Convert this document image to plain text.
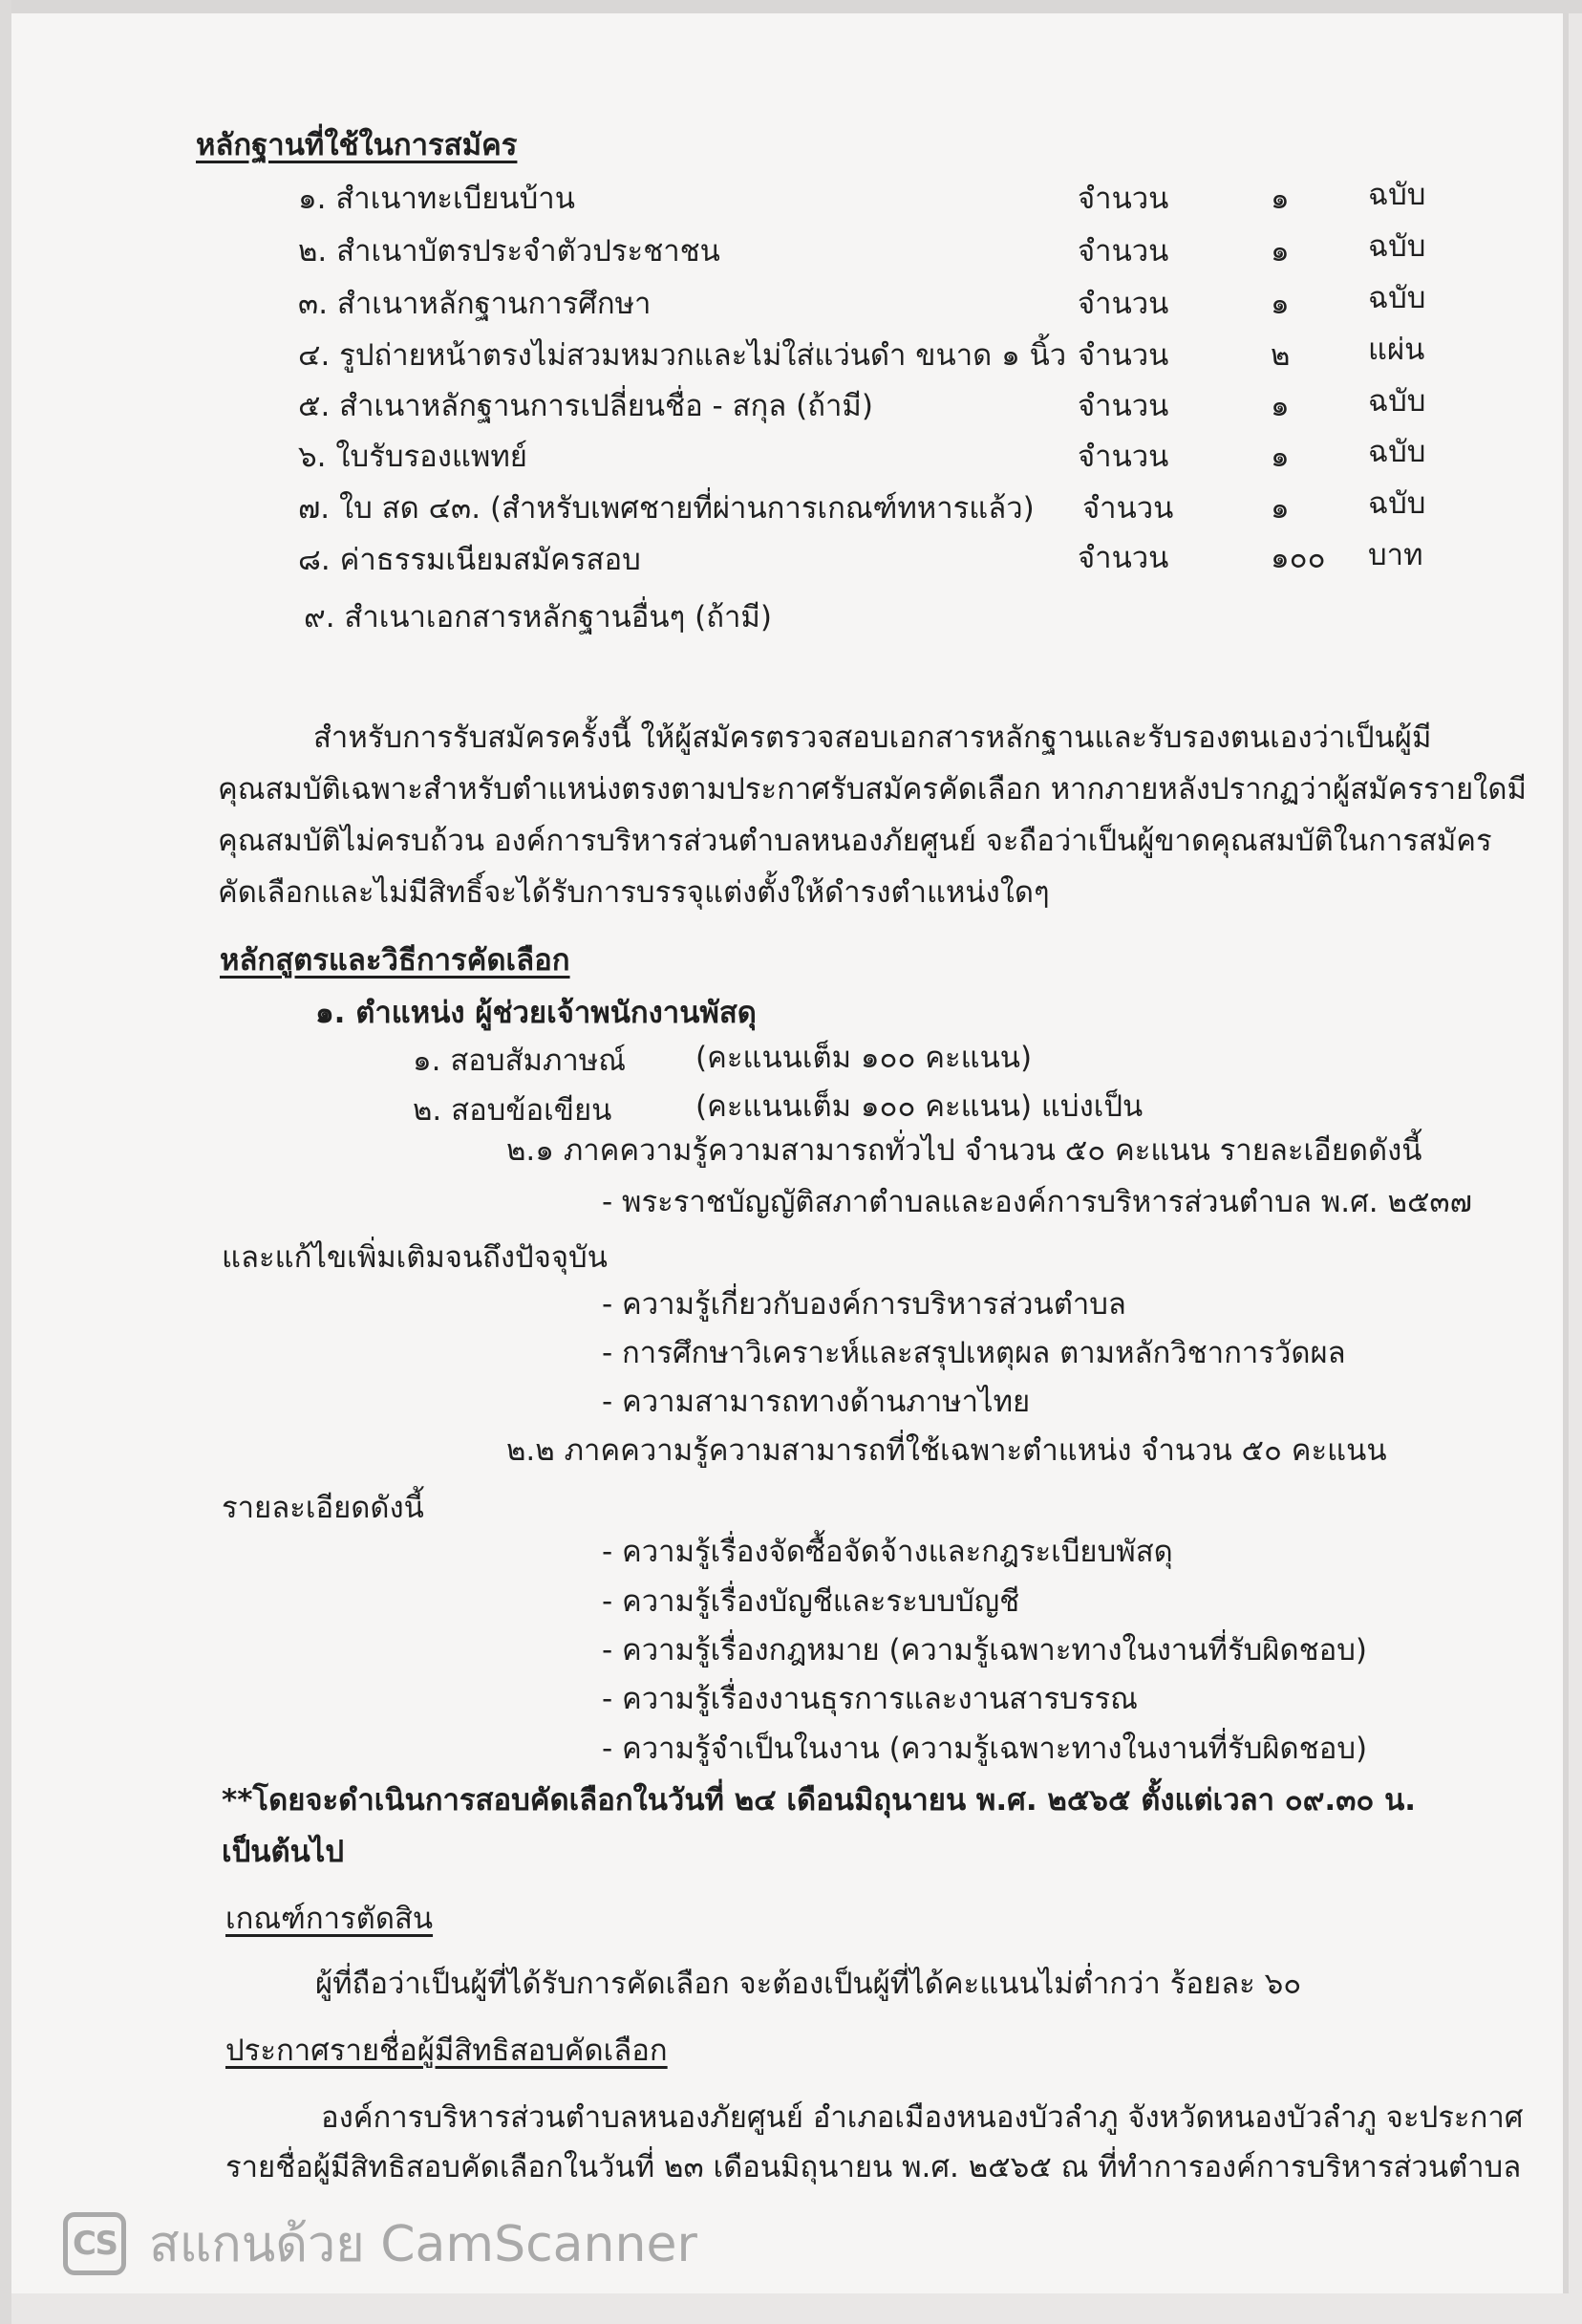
หลักฐานที่ใช้ในการสมัคร
๑. สำเนาทะเบียนบ้าน	จำนวน	๑	ฉบับ
๒. สำเนาบัตรประจำตัวประชาชน	จำนวน	๑	ฉบับ
๓. สำเนาหลักฐานการศึกษา	จำนวน	๑	ฉบับ
๔. รูปถ่ายหน้าตรงไม่สวมหมวกและไม่ใส่แว่นดำ ขนาด ๑ นิ้ว จำนวน	๒	แผ่น
๕. สำเนาหลักฐานการเปลี่ยนชื่อ - สกุล (ถ้ามี)	จำนวน	๑	ฉบับ
๖. ใบรับรองแพทย์	จำนวน	๑	ฉบับ
๗. ใบ สด ๔๓. (สำหรับเพศชายที่ผ่านการเกณฑ์ทหารแล้ว) จำนวน	๑	ฉบับ
๘. ค่าธรรมเนียมสมัครสอบ	จำนวน	๑๐๐ บาท
๙. สำเนาเอกสารหลักฐานอื่นๆ (ถ้ามี)
สำหรับการรับสมัครครั้งนี้ ให้ผู้สมัครตรวจสอบเอกสารหลักฐานและรับรองตนเองว่าเป็นผู้มี
คุณสมบัติเฉพาะสำหรับตำแหน่งตรงตามประกาศรับสมัครคัดเลือก หากภายหลังปรากฏว่าผู้สมัครรายใดมี
คุณสมบัติไม่ครบถ้วน องค์การบริหารส่วนตำบลหนองภัยศูนย์ จะถือว่าเป็นผู้ขาดคุณสมบัติในการสมัคร
คัดเลือกและไม่มีสิทธิ์จะได้รับการบรรจุแต่งตั้งให้ดำรงตำแหน่งใดๆ
หลักสูตรและวิธีการคัดเลือก
๑. ตำแหน่ง ผู้ช่วยเจ้าพนักงานพัสดุ
๑. สอบสัมภาษณ์ (คะแนนเต็ม ๑๐๐ คะแนน)
๒. สอบข้อเขียน	(คะแนนเต็ม ๑๐๐ คะแนน) แบ่งเป็น
๒.๑ ภาคความรู้ความสามารถทั่วไป จำนวน ๕๐ คะแนน รายละเอียดดังนี้
- พระราชบัญญัติสภาตำบลและองค์การบริหารส่วนตำบล พ.ศ. ๒๕๓๗
และแก้ไขเพิ่มเติมจนถึงปัจจุบัน
- ความรู้เกี่ยวกับองค์การบริหารส่วนตำบล
- การศึกษาวิเคราะห์และสรุปเหตุผล ตามหลักวิชาการวัดผล
- ความสามารถทางด้านภาษาไทย
๒.๒ ภาคความรู้ความสามารถที่ใช้เฉพาะตำแหน่ง จำนวน ๕๐ คะแนน
รายละเอียดดังนี้
- ความรู้เรื่องจัดซื้อจัดจ้างและกฎระเบียบพัสดุ
- ความรู้เรื่องบัญชีและระบบบัญชี
- ความรู้เรื่องกฎหมาย (ความรู้เฉพาะทางในงานที่รับผิดชอบ)
- ความรู้เรื่องงานธุรการและงานสารบรรณ
- ความรู้จำเป็นในงาน (ความรู้เฉพาะทางในงานที่รับผิดชอบ)
**โดยจะดำเนินการสอบคัดเลือกในวันที่ ๒๔ เดือนมิถุนายน พ.ศ. ๒๕๖๕ ตั้งแต่เวลา ๐๙.๓๐ น.
เป็นต้นไป
เกณฑ์การตัดสิน
ผู้ที่ถือว่าเป็นผู้ที่ได้รับการคัดเลือก จะต้องเป็นผู้ที่ได้คะแนนไม่ต่ำกว่า ร้อยละ ๖๐
ประกาศรายชื่อผู้มีสิทธิสอบคัดเลือก
องค์การบริหารส่วนตำบลหนองภัยศูนย์ อำเภอเมืองหนองบัวลำภู จังหวัดหนองบัวลำภู จะประกาศ
รายชื่อผู้มีสิทธิสอบคัดเลือกในวันที่ ๒๓ เดือนมิถุนายน พ.ศ. ๒๕๖๕ ณ ที่ทำการองค์การบริหารส่วนตำบล
CS สแกนด้วย CamScanner
